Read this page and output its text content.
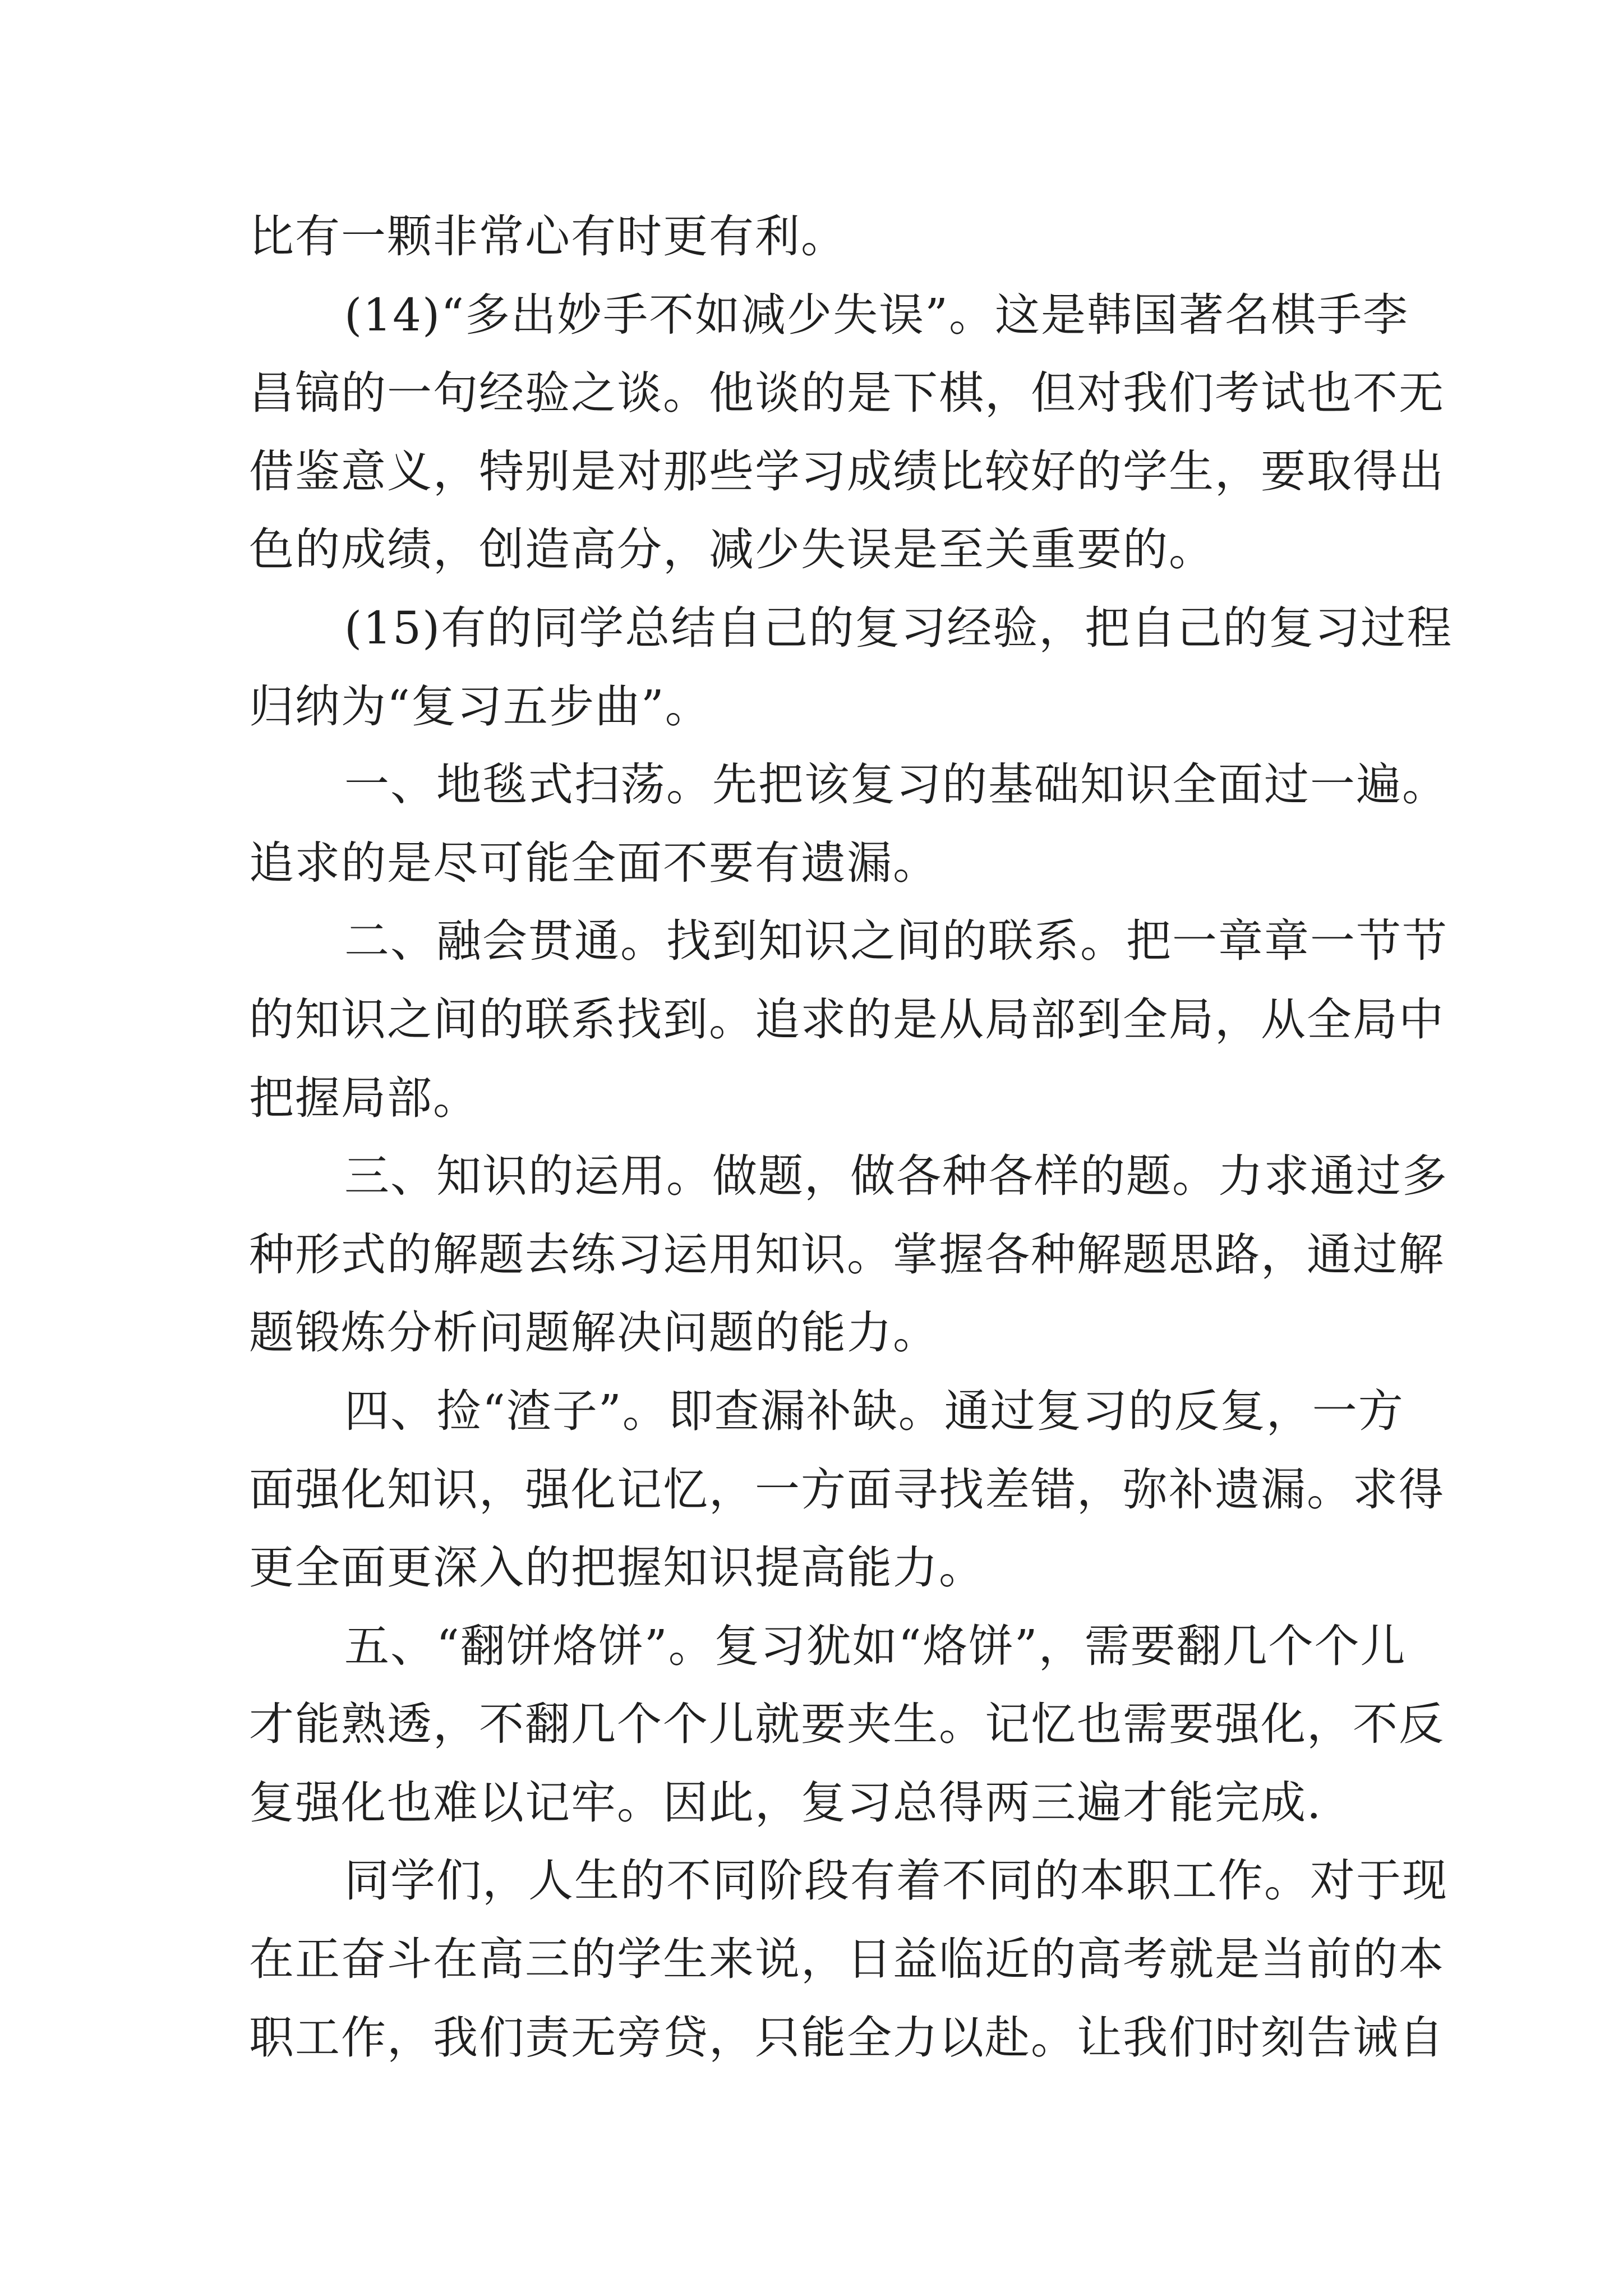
比有一颗非常心有时更有利。
(14)“多出妙手不如减少失误”。这是韩国著名棋手李
昌镐的一句经验之谈。他谈的是下棋，但对我们考试也不无
借鉴意义，特别是对那些学习成绩比较好的学生，要取得出
色的成绩，创造高分，减少失误是至关重要的。
(15)有的同学总结自己的复习经验，把自己的复习过程
归纳为“复习五步曲”。
一、地毯式扫荡。先把该复习的基础知识全面过一遍。
追求的是尽可能全面不要有遗漏。
二、融会贯通。找到知识之间的联系。把一章章一节节
的知识之间的联系找到。追求的是从局部到全局，从全局中
把握局部。
三、知识的运用。做题，做各种各样的题。力求通过多
种形式的解题去练习运用知识。掌握各种解题思路，通过解
题锻炼分析问题解决问题的能力。
四、捡“渣子”。即查漏补缺。通过复习的反复，一方
面强化知识，强化记忆，一方面寻找差错，弥补遗漏。求得
更全面更深入的把握知识提高能力。
五、“翻饼烙饼”。复习犹如“烙饼”，需要翻几个个儿
才能熟透，不翻几个个儿就要夹生。记忆也需要强化，不反
复强化也难以记牢。因此，复习总得两三遍才能完成.
同学们，人生的不同阶段有着不同的本职工作。对于现
在正奋斗在高三的学生来说，日益临近的高考就是当前的本
职工作，我们责无旁贷，只能全力以赴。让我们时刻告诫自
